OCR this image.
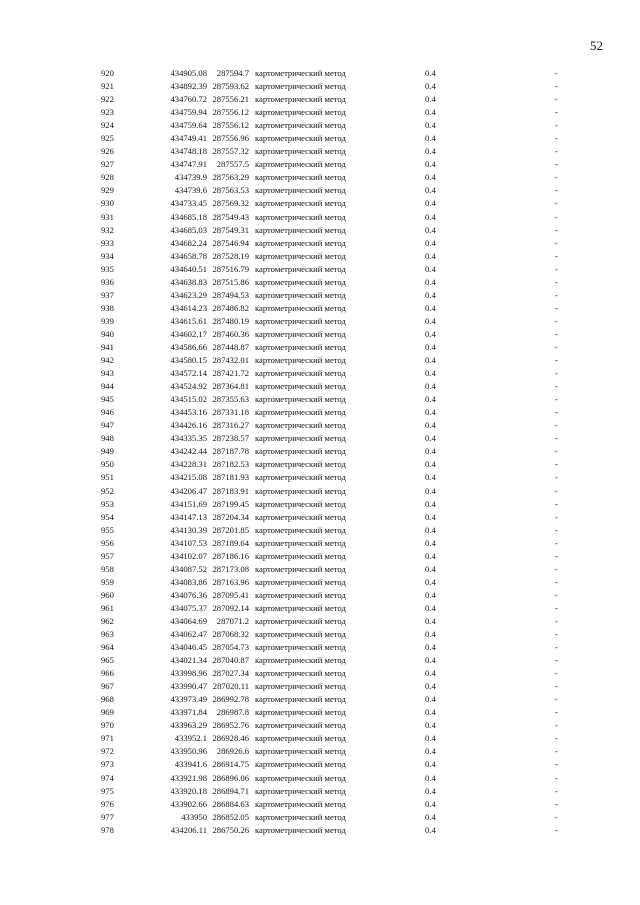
52
920	434905.08	287594.7 картометрический метод	0.4	-
921	434892.39 287593.62 картометрический метод	0.4	-
922	434760.72 287556.21 картометрический метод	0.4	-
923	434759.94 287556.12 картометрический метод	0.4	-
924	434759.64 287556.12 картометрический метод	0.4	-
925	434749.41 287556.96 картометрический метод	0.4	-
926	434748.18 287557.32 картометрический метод	0.4	-
927	434747.91	287557.5 картометрический метод	0.4	-
928	434739.9 287563.29 картометрический метод	0.4	-
929	434739.6 287563.53 картометрический метод	0.4	-
930	434733.45 287569.32 картометрический метод	0.4	-
931	434685.18 287549.43 картометрический метод	0.4	-
932	434685.03 287549.31 картометрический метод	0.4	-
933	434682.24 287546.94 картометрический метод	0.4	-
934	434658.78 287528.19 картометрический метод	0.4	-
935	434640.51 287516.79 картометрический метод	0.4	-
936	434638.83 287515.86 картометрический метод	0.4	-
937	434623.29 287494.53 картометрический метод	0.4	-
938	434614.23 287486.82 картометрический метод	0.4	-
939	434615.61 287480.19 картометрический метод	0.4	-
940	434602.17 287460.36 картометрический метод	0.4	-
941	434586.66 287448.87 картометрический метод	0.4	-
942	434580.15 287432.01 картометрический метод	0.4	-
943	434572.14 287421.72 картометрический метод	0.4	-
944	434524.92 287364.81 картометрический метод	0.4	-
945	434515.02 287355.63 картометрический метод	0.4	-
946	434453.16 287331.18 картометрический метод	0.4	-
947	434426.16 287316.27 картометрический метод	0.4	-
948	434335.35 287238.57 картометрический метод	0.4	-
949	434242.44 287187.78 картометрический метод	0.4	-
950	434228.31 287182.53 картометрический метод	0.4	-
951	434215.08 287181.93 картометрический метод	0.4	-
952	434206.47 287183.91 картометрический метод	0.4	-
953	434151.69 287199.45 картометрический метод	0.4	-
954	434147.13 287204.34 картометрический метод	0.4	-
955	434130.39 287201.85 картометрический метод	0.4	-
956	434107.53 287189.64 картометрический метод	0.4	-
957	434102.07 287186.16 картометрический метод	0.4	-
958	434087.52 287173.08 картометрический метод	0.4	-
959	434083.86 287163.96 картометрический метод	0.4	-
960	434076.36 287095.41 картометрический метод	0.4	-
961	434075.37 287092.14 картометрический метод	0.4	-
962	434064.69	287071.2 картометрический метод	0.4	-
963	434062.47 287068.32 картометрический метод	0.4	-
964	434046.45 287054.73 картометрический метод	0.4	-
965	434021.34 287040.87 картометрический метод	0.4	-
966	433998.96 287027.34 картометрический метод	0.4	-
967	433990.47 287020.11 картометрический метод	0.4	-
968	433973.49 286992.78 картометрический метод	0.4	-
969	433971.84	286987.8 картометрический метод	0.4	-
970	433963.29 286952.76 картометрический метод	0.4	-
971	433952.1 286928.46 картометрический метод	0.4	-
972	433950.96	286926.6 картометрический метод	0.4	-
973	433941.6 286914.75 картометрический метод	0.4	-
974	433921.98 286896.06 картометрический метод	0.4	-
975	433920.18 286894.71 картометрический метод	0.4	-
976	433902.66 286884.63 картометрический метод	0.4	-
977	433950 286852.05 картометрический метод	0.4	-
978	434206.11 286750.26 картометрический метод	0.4	-
